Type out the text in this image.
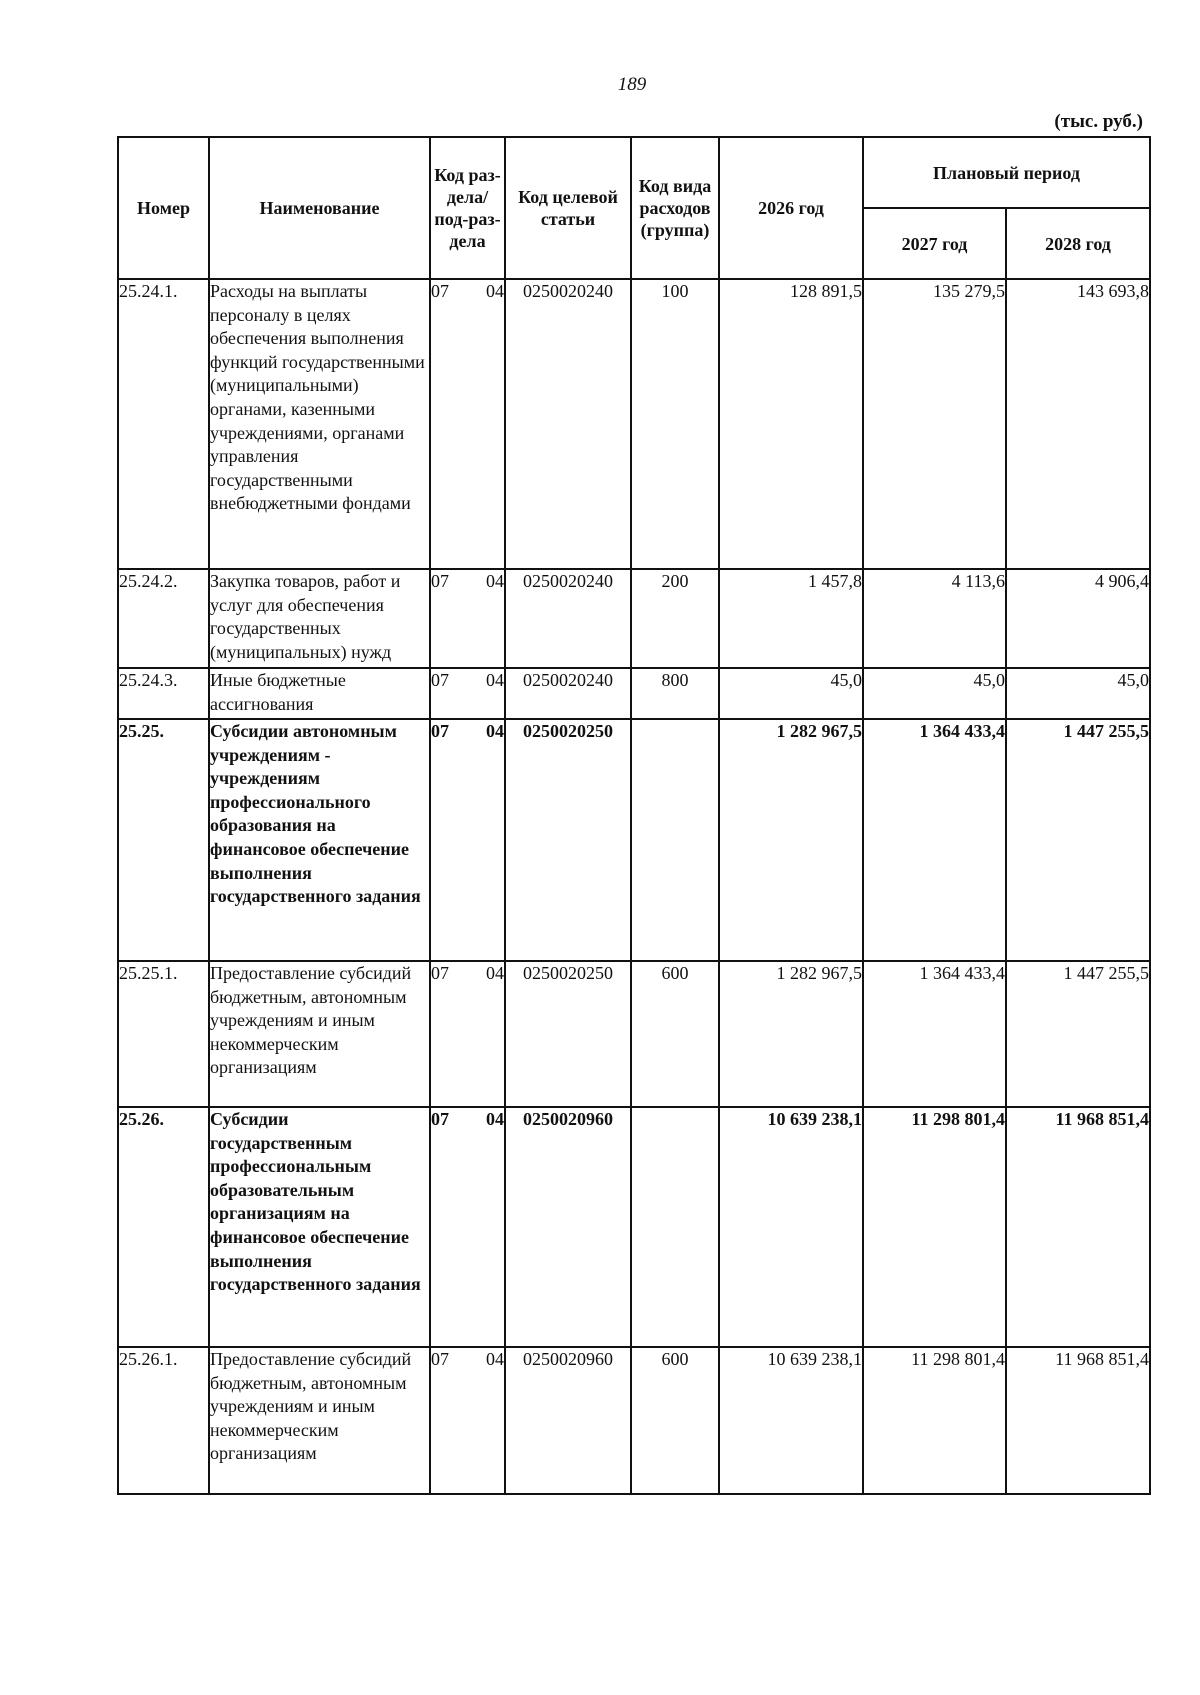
189
(тыс. руб.)
Номер	Наименование	Код раз-дела/ под-раз-дела	Код целевой статьи	Код вида расходов (группа)	2026 год	Плановый период	
						2027 год	2028 год
25.24.1.	Расходы на выплаты персоналу в целях обеспечения выполнения функций государственными (муниципальными) органами, казенными учреждениями, органами управления государственными внебюджетными фондами	07 04	0250020240	100	128 891,5	135 279,5	143 693,8
25.24.2.	Закупка товаров, работ и услуг для обеспечения государственных (муниципальных) нужд	07 04	0250020240	200	1 457,8	4 113,6	4 906,4
25.24.3.	Иные бюджетные ассигнования	07 04	0250020240	800	45,0	45,0	45,0
25.25.	Субсидии автономным учреждениям - учреждениям профессионального образования на финансовое обеспечение выполнения государственного задания	07 04	0250020250		1 282 967,5	1 364 433,4	1 447 255,5
25.25.1.	Предоставление субсидий бюджетным, автономным учреждениям и иным некоммерческим организациям	07 04	0250020250	600	1 282 967,5	1 364 433,4	1 447 255,5
25.26.	Субсидии государственным профессиональным образовательным организациям на финансовое обеспечение выполнения государственного задания	07 04	0250020960		10 639 238,1	11 298 801,4	11 968 851,4
25.26.1.	Предоставление субсидий бюджетным, автономным учреждениям и иным некоммерческим организациям	07 04	0250020960	600	10 639 238,1	11 298 801,4	11 968 851,4
